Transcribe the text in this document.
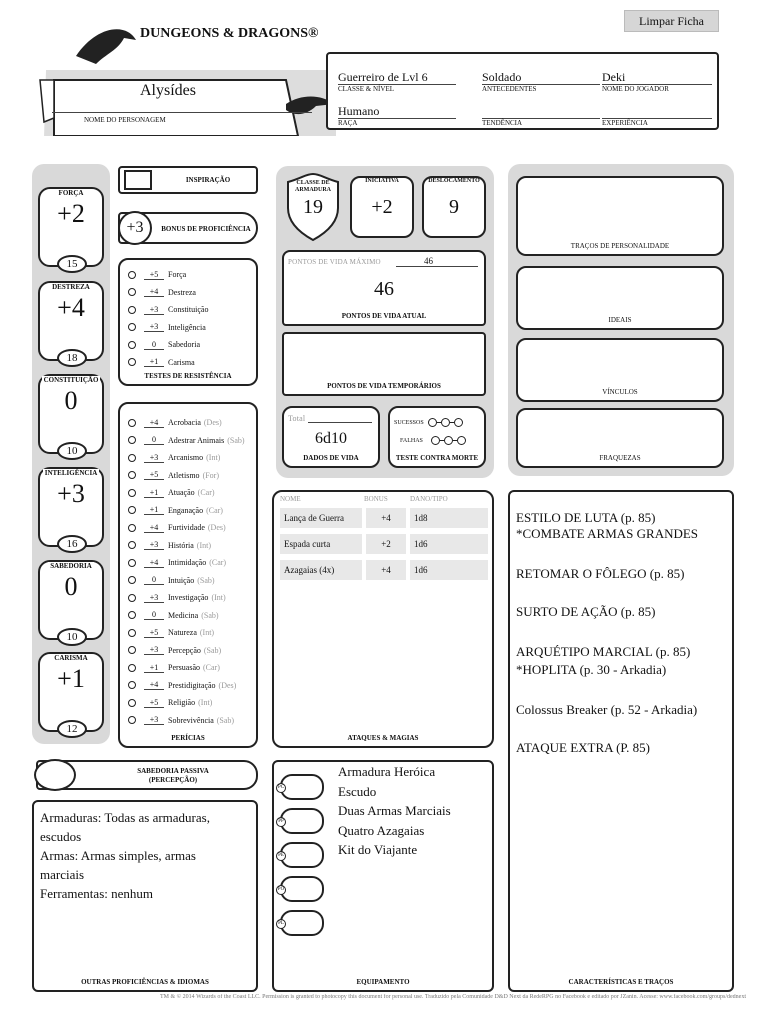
Limpar Ficha
DUNGEONS & DRAGONS®
Alysídes
NOME DO PERSONAGEM
Guerreiro de Lvl 6
CLASSE & NÍVEL
Soldado
ANTECEDENTES
Deki
NOME DO JOGADOR
Humano
RAÇA	TENDÊNCIA	EXPERIÊNCIA
FORÇA
+2
15
DESTREZA
+4
18
CONSTITUIÇÃO
0
10
INTELIGÊNCIA
+3
16
SABEDORIA
0
10
CARISMA
+1
12
INSPIRAÇÃO
+3	BONUS DE PROFICIÊNCIA
+5	Força
+4	Destreza
+3	Constituição
+3	Inteligência
0	Sabedoria
+1	Carisma
TESTES DE RESISTÊNCIA
+4	Acrobacia (Des)
0	Adestrar Animais (Sab)
+3	Arcanismo (Int)
+5	Atletismo (For)
+1	Atuação (Car)
+1	Enganação (Car)
+4	Furtividade (Des)
+3	História (Int)
+4	Intimidação (Car)
0	Intuição (Sab)
+3	Investigação (Int)
0	Medicina (Sab)
+5	Natureza (Int)
+3	Percepção (Sab)
+1	Persuasão (Car)
+4	Prestidigitação (Des)
+5	Religião (Int)
+3	Sobrevivência (Sab)
PERÍCIAS
SABEDORIA PASSIVA
(PERCEPÇÃO)
Armaduras: Todas as armaduras,
escudos
Armas: Armas simples, armas
marciais
Ferramentas: nenhum
OUTRAS PROFICIÊNCIAS & IDIOMAS
CLASSE DE ARMADURA
19
INICIATIVA
+2
DESLOCAMENTO
9
PONTOS DE VIDA MÁXIMO	46
46
PONTOS DE VIDA ATUAL
PONTOS DE VIDA TEMPORÁRIOS
Total
6d10
DADOS DE VIDA
SUCESSOS
FALHAS
TESTE CONTRA MORTE
NOME	BONUS	DANO/TIPO
Lança de Guerra	+4	1d8
Espada curta	+2	1d6
Azagaias (4x)	+4	1d6
ATAQUES & MAGIAS
PC
PP
PE
PO
PL
Armadura Heróica
Escudo
Duas Armas Marciais
Quatro Azagaias
Kit do Viajante
EQUIPAMENTO
TRAÇOS DE PERSONALIDADE
IDEAIS
VÍNCULOS
FRAQUEZAS
ESTILO DE LUTA (p. 85)
*COMBATE ARMAS GRANDES
RETOMAR O FÔLEGO (p. 85)
SURTO DE AÇÃO (p. 85)
ARQUÉTIPO MARCIAL (p. 85)
*HOPLITA (p. 30 - Arkadia)
Colossus Breaker (p. 52 - Arkadia)
ATAQUE EXTRA (P. 85)
CARACTERÍSTICAS E TRAÇOS
TM & © 2014 Wizards of the Coast LLC. Permission is granted to photocopy this document for personal use. Traduzido pela Comunidade D&D Next da RedeRPG no Facebook e editado por JZanin. Acesse: www.facebook.com/groups/dednext
